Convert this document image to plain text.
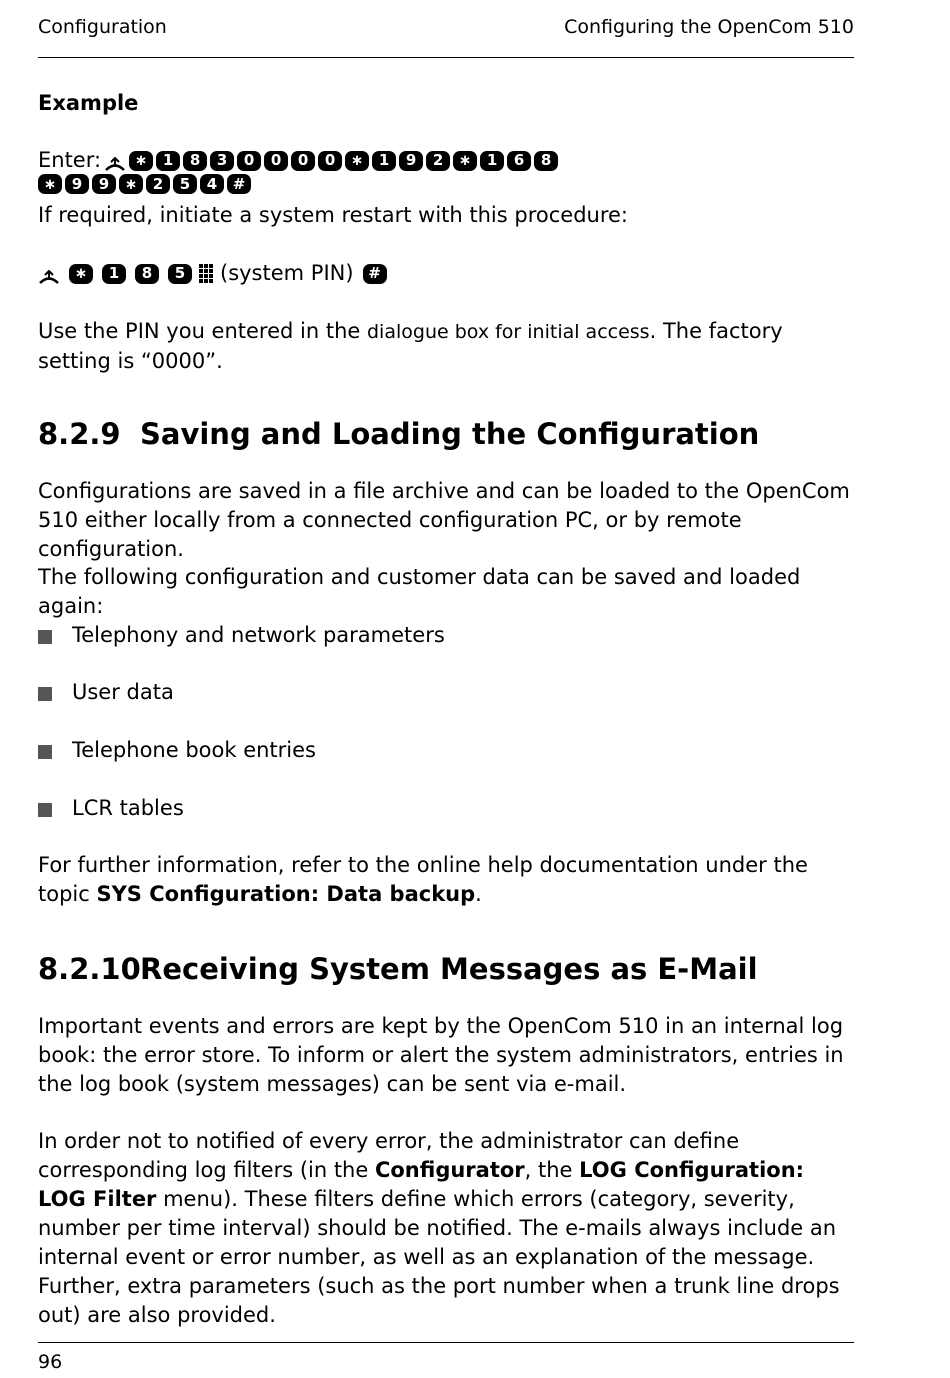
Configuration	Configuring the OpenCom 510
Example
Enter:	∗	1	8	3	0	0	0	0	∗	1	9	2	∗	1	6	8
∗	9	9	∗	2	5	4	#
If required, initiate a system restart with this procedure:
∗	1	8	5	(system PIN) #
Use the PIN you entered in the dialogue box for initial access. The factory setting is “0000”.
8.2.9 Saving and Loading the Configuration
Configurations are saved in a file archive and can be loaded to the OpenCom 510 either locally from a connected configuration PC, or by remote configuration.
The following configuration and customer data can be saved and loaded again:
Telephony and network parameters
User data
Telephone book entries
LCR tables
For further information, refer to the online help documentation under the topic SYS Configuration: Data backup.
8.2.10Receiving System Messages as E-Mail
Important events and errors are kept by the OpenCom 510 in an internal log book: the error store. To inform or alert the system administrators, entries in the log book (system messages) can be sent via e-mail.
In order not to notified of every error, the administrator can define corresponding log filters (in the Configurator, the LOG Configuration: LOG Filter menu). These filters define which errors (category, severity, number per time interval) should be notified. The e-mails always include an internal event or error number, as well as an explanation of the message. Further, extra parameters (such as the port number when a trunk line drops out) are also provided.
96
